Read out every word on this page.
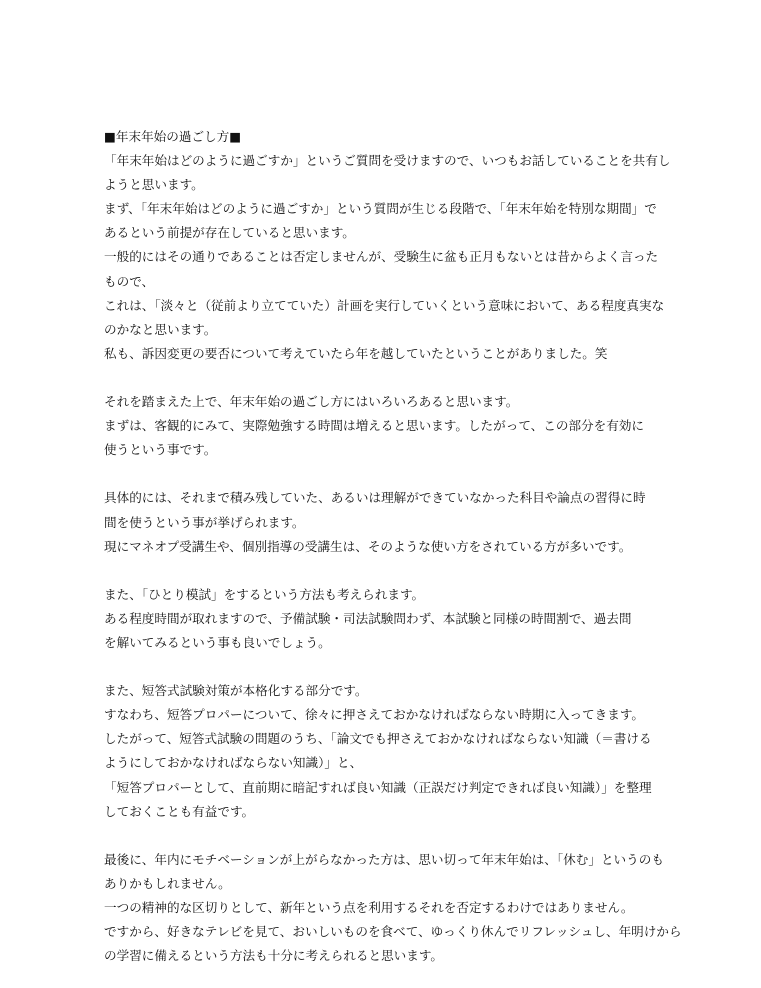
■年末年始の過ごし方■

「年末年始はどのように過ごすか」というご質問を受けますので、いつもお話していることを共有し

ようと思います。

まず、「年末年始はどのように過ごすか」という質問が生じる段階で、「年末年始を特別な期間」で

あるという前提が存在していると思います。

一般的にはその通りであることは否定しませんが、受験生に盆も正月もないとは昔からよく言った

もので、

これは、「淡々と（従前より立てていた）計画を実行していくという意味において、ある程度真実な

のかなと思います。

私も、訴因変更の要否について考えていたら年を越していたということがありました。笑

それを踏まえた上で、年末年始の過ごし方にはいろいろあると思います。

まずは、客観的にみて、実際勉強する時間は増えると思います。したがって、この部分を有効に

使うという事です。

具体的には、それまで積み残していた、あるいは理解ができていなかった科目や論点の習得に時

間を使うという事が挙げられます。

現にマネオプ受講生や、個別指導の受講生は、そのような使い方をされている方が多いです。

また、「ひとり模試」をするという方法も考えられます。

ある程度時間が取れますので、予備試験・司法試験問わず、本試験と同様の時間割で、過去問

を解いてみるという事も良いでしょう。

また、短答式試験対策が本格化する部分です。

すなわち、短答プロパーについて、徐々に押さえておかなければならない時期に入ってきます。

したがって、短答式試験の問題のうち、「論文でも押さえておかなければならない知識（＝書ける

ようにしておかなければならない知識）」と、

「短答プロパーとして、直前期に暗記すれば良い知識（正誤だけ判定できれば良い知識）」を整理

しておくことも有益です。

最後に、年内にモチベーションが上がらなかった方は、思い切って年末年始は、「休む」というのも

ありかもしれません。

一つの精神的な区切りとして、新年という点を利用するそれを否定するわけではありません。

ですから、好きなテレビを見て、おいしいものを食べて、ゆっくり休んでリフレッシュし、年明けから

の学習に備えるという方法も十分に考えられると思います。
